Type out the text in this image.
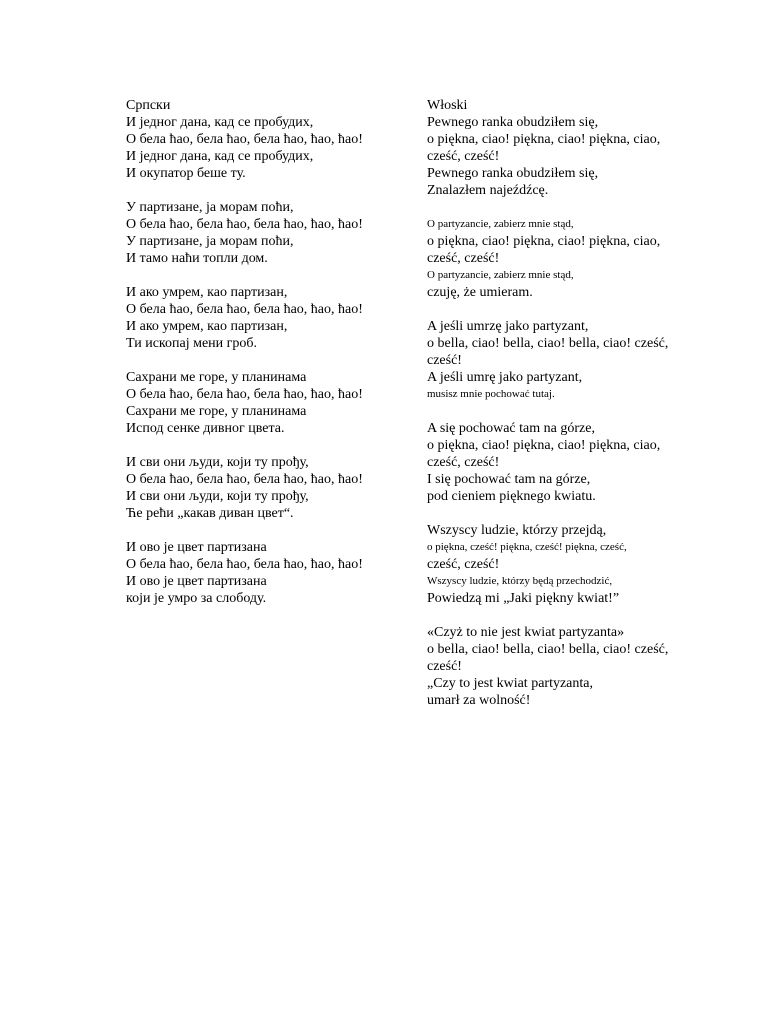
Српски
И једног дана, кад се пробудих,
О бела ћао, бела ћао, бела ћао, ћао, ћао!
И једног дана, кад се пробудих,
И окупатор беше ту.
У партизане, ја морам поћи,
О бела ћао, бела ћао, бела ћао, ћао, ћао!
У партизане, ја морам поћи,
И тамо наћи топли дом.
И ако умрем, као партизан,
О бела ћао, бела ћао, бела ћао, ћао, ћао!
И ако умрем, као партизан,
Ти ископај мени гроб.
Сахрани ме горе, у планинама
О бела ћао, бела ћао, бела ћао, ћао, ћао!
Сахрани ме горе, у планинама
Испод сенке дивног цвета.
И сви они људи, који ту прођу,
О бела ћао, бела ћао, бела ћао, ћао, ћао!
И сви они људи, који ту прођу,
Ће рећи „какав диван цвет“.
И ово је цвет партизана
О бела ћао, бела ћао, бела ћао, ћао, ћао!
И ово је цвет партизана
који је умро за слободу.
Włoski
Pewnego ranka obudziłem się,
o piękna, ciao! piękna, ciao! piękna, ciao, cześć, cześć!
Pewnego ranka obudziłem się,
Znalazłem najeźdźcę.
O partyzancie, zabierz mnie stąd,
o piękna, ciao! piękna, ciao! piękna, ciao, cześć, cześć!
O partyzancie, zabierz mnie stąd,
czuję, że umieram.
A jeśli umrzę jako partyzant,
o bella, ciao! bella, ciao! bella, ciao! cześć, cześć!
A jeśli umrę jako partyzant,
musisz mnie pochować tutaj.
A się pochować tam na górze,
o piękna, ciao! piękna, ciao! piękna, ciao, cześć, cześć!
I się pochować tam na górze,
pod cieniem pięknego kwiatu.
Wszyscy ludzie, którzy przejdą,
o piękna, cześć! piękna, cześć! piękna, cześć,
cześć, cześć!
Wszyscy ludzie, którzy będą przechodzić,
Powiedzą mi „Jaki piękny kwiat!”
«Czyż to nie jest kwiat partyzanta»
o bella, ciao! bella, ciao! bella, ciao! cześć, cześć!
„Czy to jest kwiat partyzanta,
umarł za wolność!
